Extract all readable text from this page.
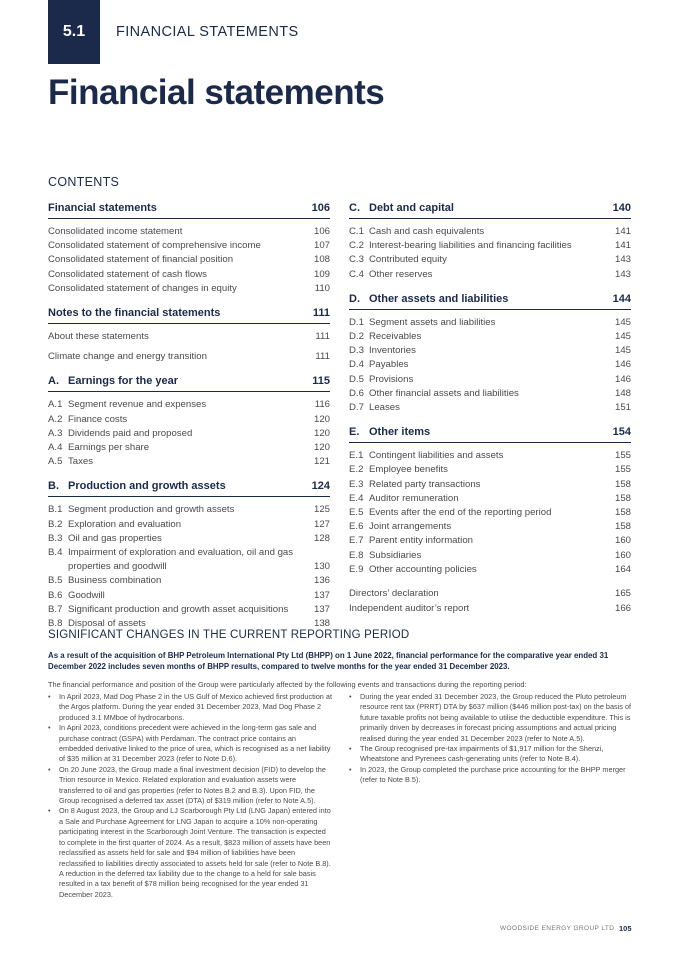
5.1 FINANCIAL STATEMENTS
Financial statements
CONTENTS
Financial statements	106
Consolidated income statement	106
Consolidated statement of comprehensive income	107
Consolidated statement of financial position	108
Consolidated statement of cash flows	109
Consolidated statement of changes in equity	110
Notes to the financial statements	111
About these statements	111
Climate change and energy transition	111
A. Earnings for the year	115
A.1 Segment revenue and expenses	116
A.2 Finance costs	120
A.3 Dividends paid and proposed	120
A.4 Earnings per share	120
A.5 Taxes	121
B. Production and growth assets	124
B.1 Segment production and growth assets	125
B.2 Exploration and evaluation	127
B.3 Oil and gas properties	128
B.4 Impairment of exploration and evaluation, oil and gas properties and goodwill	130
B.5 Business combination	136
B.6 Goodwill	137
B.7 Significant production and growth asset acquisitions	137
B.8 Disposal of assets	138
C. Debt and capital	140
C.1 Cash and cash equivalents	141
C.2 Interest-bearing liabilities and financing facilities	141
C.3 Contributed equity	143
C.4 Other reserves	143
D. Other assets and liabilities	144
D.1 Segment assets and liabilities	145
D.2 Receivables	145
D.3 Inventories	145
D.4 Payables	146
D.5 Provisions	146
D.6 Other financial assets and liabilities	148
D.7 Leases	151
E. Other items	154
E.1 Contingent liabilities and assets	155
E.2 Employee benefits	155
E.3 Related party transactions	158
E.4 Auditor remuneration	158
E.5 Events after the end of the reporting period	158
E.6 Joint arrangements	158
E.7 Parent entity information	160
E.8 Subsidiaries	160
E.9 Other accounting policies	164
Directors’ declaration	165
Independent auditor’s report	166
SIGNIFICANT CHANGES IN THE CURRENT REPORTING PERIOD
As a result of the acquisition of BHP Petroleum International Pty Ltd (BHPP) on 1 June 2022, financial performance for the comparative year ended 31 December 2022 includes seven months of BHPP results, compared to twelve months for the year ended 31 December 2023.
The financial performance and position of the Group were particularly affected by the following events and transactions during the reporting period:
• In April 2023, Mad Dog Phase 2 in the US Gulf of Mexico achieved first production at the Argos platform. During the year ended 31 December 2023, Mad Dog Phase 2 produced 3.1 MMboe of hydrocarbons.
• In April 2023, conditions precedent were achieved in the long-term gas sale and purchase contract (GSPA) with Perdaman. The contract price contains an embedded derivative linked to the price of urea, which is recognised as a net liability of $35 million at 31 December 2023 (refer to Note D.6).
• On 20 June 2023, the Group made a final investment decision (FID) to develop the Trion resource in Mexico. Related exploration and evaluation assets were transferred to oil and gas properties (refer to Notes B.2 and B.3). Upon FID, the Group recognised a deferred tax asset (DTA) of $319 million (refer to Note A.5).
• On 8 August 2023, the Group and LJ Scarborough Pty Ltd (LNG Japan) entered into a Sale and Purchase Agreement for LNG Japan to acquire a 10% non-operating participating interest in the Scarborough Joint Venture. The transaction is expected to complete in the first quarter of 2024. As a result, $823 million of assets have been reclassified as assets held for sale and $94 million of liabilities have been reclassified to liabilities directly associated to assets held for sale (refer to Note B.8). A reduction in the deferred tax liability due to the change to a held for sale basis resulted in a tax benefit of $78 million being recognised for the year ended 31 December 2023.
• During the year ended 31 December 2023, the Group reduced the Pluto petroleum resource rent tax (PRRT) DTA by $637 million ($446 million post-tax) on the basis of future taxable profits not being available to utilise the deductible expenditure. This is primarily driven by decreases in forecast pricing assumptions and actual pricing realised during the year ended 31 December 2023 (refer to Note A.5).
• The Group recognised pre-tax impairments of $1,917 million for the Shenzi, Wheatstone and Pyrenees cash-generating units (refer to Note B.4).
• In 2023, the Group completed the purchase price accounting for the BHPP merger (refer to Note B.5).
WOODSIDE ENERGY GROUP LTD 105
